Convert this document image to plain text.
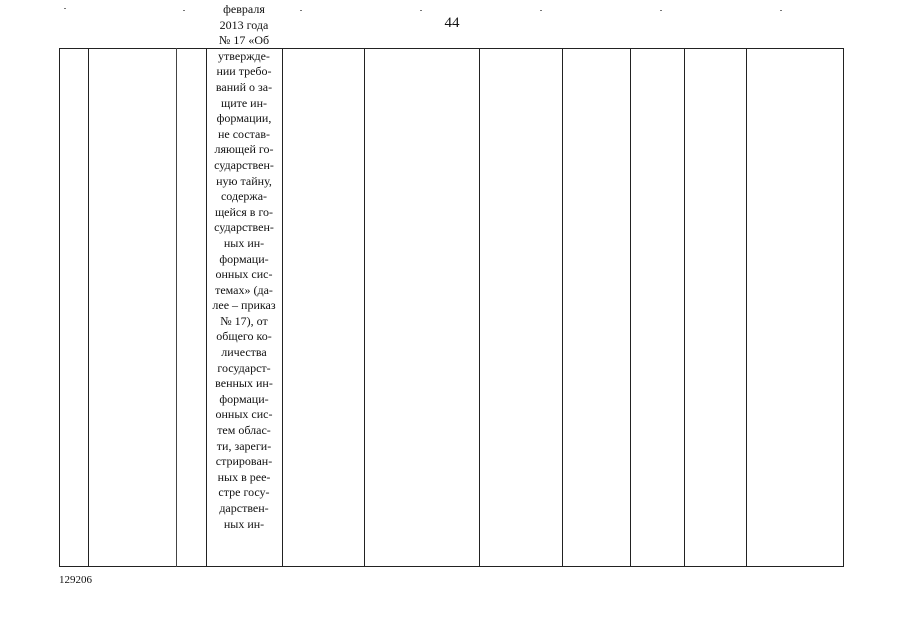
44
февраля
2013 года
№ 17 «Об
утвержде-
нии требо-
ваний о за-
щите ин-
формации,
не состав-
ляющей го-
сударствен-
ную тайну,
содержа-
щейся в го-
сударствен-
ных ин-
формаци-
онных сис-
темах» (да-
лее – приказ
№ 17), от
общего ко-
личества
государст-
венных ин-
формаци-
онных сис-
тем облас-
ти, зареги-
стрирован-
ных в рее-
стре госу-
дарствен-
ных ин-
129206
